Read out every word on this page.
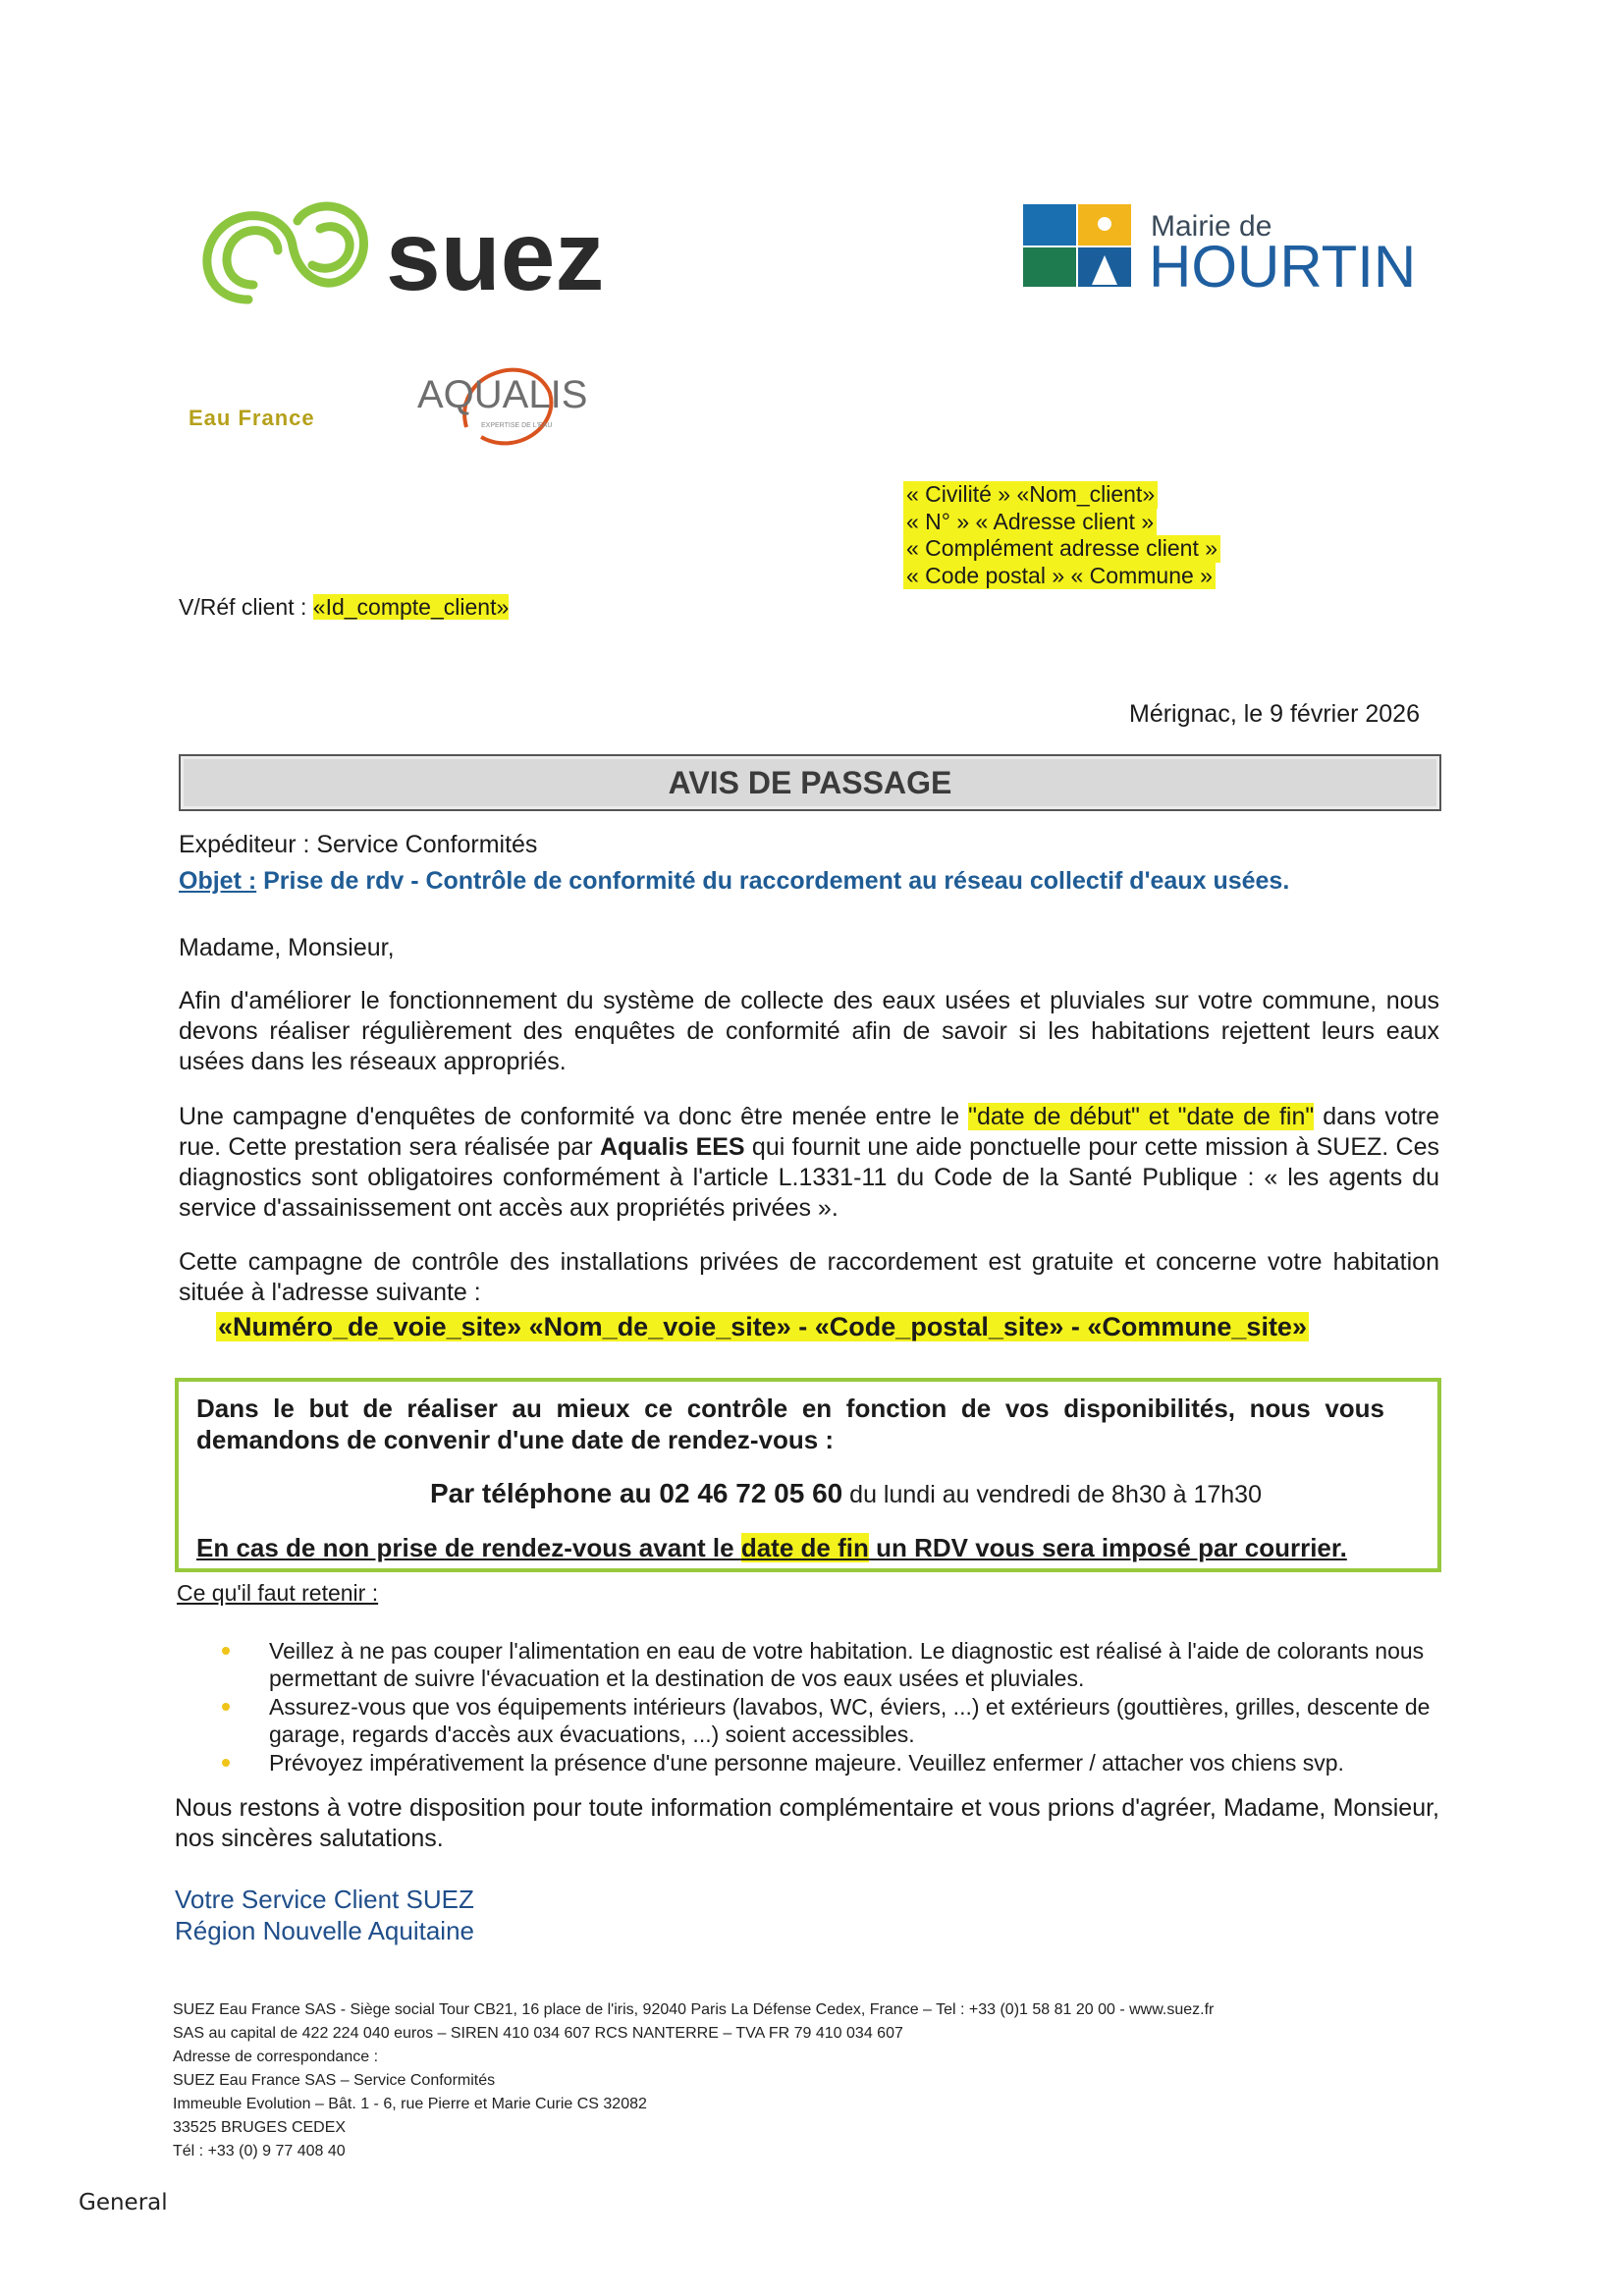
suez
Eau France
AQUALIS
EXPERTISE DE L'EAU
Mairie de
HOURTIN
« Civilité » «Nom_client»
« N° » « Adresse client »
« Complément adresse client »
« Code postal » « Commune »
V/Réf client : «Id_compte_client»
Mérignac, le 9 février 2026
AVIS DE PASSAGE
Expéditeur : Service Conformités
Objet : Prise de rdv - Contrôle de conformité du raccordement au réseau collectif d'eaux usées.
Madame, Monsieur,
Afin d'améliorer le fonctionnement du système de collecte des eaux usées et pluviales sur votre commune, nous devons réaliser régulièrement des enquêtes de conformité afin de savoir si les habitations rejettent leurs eaux usées dans les réseaux appropriés.
Une campagne d'enquêtes de conformité va donc être menée entre le "date de début" et "date de fin" dans votre rue. Cette prestation sera réalisée par Aqualis EES qui fournit une aide ponctuelle pour cette mission à SUEZ. Ces diagnostics sont obligatoires conformément à l'article L.1331-11 du Code de la Santé Publique : « les agents du service d'assainissement ont accès aux propriétés privées ».
Cette campagne de contrôle des installations privées de raccordement est gratuite et concerne votre habitation située à l'adresse suivante :
«Numéro_de_voie_site» «Nom_de_voie_site» - «Code_postal_site» - «Commune_site»
Dans le but de réaliser au mieux ce contrôle en fonction de vos disponibilités, nous vous demandons de convenir d'une date de rendez-vous :
Par téléphone au 02 46 72 05 60 du lundi au vendredi de 8h30 à 17h30
En cas de non prise de rendez-vous avant le date de fin un RDV vous sera imposé par courrier.
Ce qu'il faut retenir :
Veillez à ne pas couper l'alimentation en eau de votre habitation. Le diagnostic est réalisé à l'aide de colorants nous permettant de suivre l'évacuation et la destination de vos eaux usées et pluviales.
Assurez-vous que vos équipements intérieurs (lavabos, WC, éviers, ...) et extérieurs (gouttières, grilles, descente de garage, regards d'accès aux évacuations, ...) soient accessibles.
Prévoyez impérativement la présence d'une personne majeure. Veuillez enfermer / attacher vos chiens svp.
Nous restons à votre disposition pour toute information complémentaire et vous prions d'agréer, Madame, Monsieur, nos sincères salutations.
Votre Service Client SUEZ
Région Nouvelle Aquitaine
SUEZ Eau France SAS - Siège social Tour CB21, 16 place de l'iris, 92040 Paris La Défense Cedex, France – Tel : +33 (0)1 58 81 20 00 - www.suez.fr
SAS au capital de 422 224 040 euros – SIREN 410 034 607 RCS NANTERRE – TVA FR 79 410 034 607
Adresse de correspondance :
SUEZ Eau France SAS – Service Conformités
Immeuble Evolution – Bât. 1 - 6, rue Pierre et Marie Curie CS 32082
33525 BRUGES CEDEX
Tél : +33 (0) 9 77 408 40
General
